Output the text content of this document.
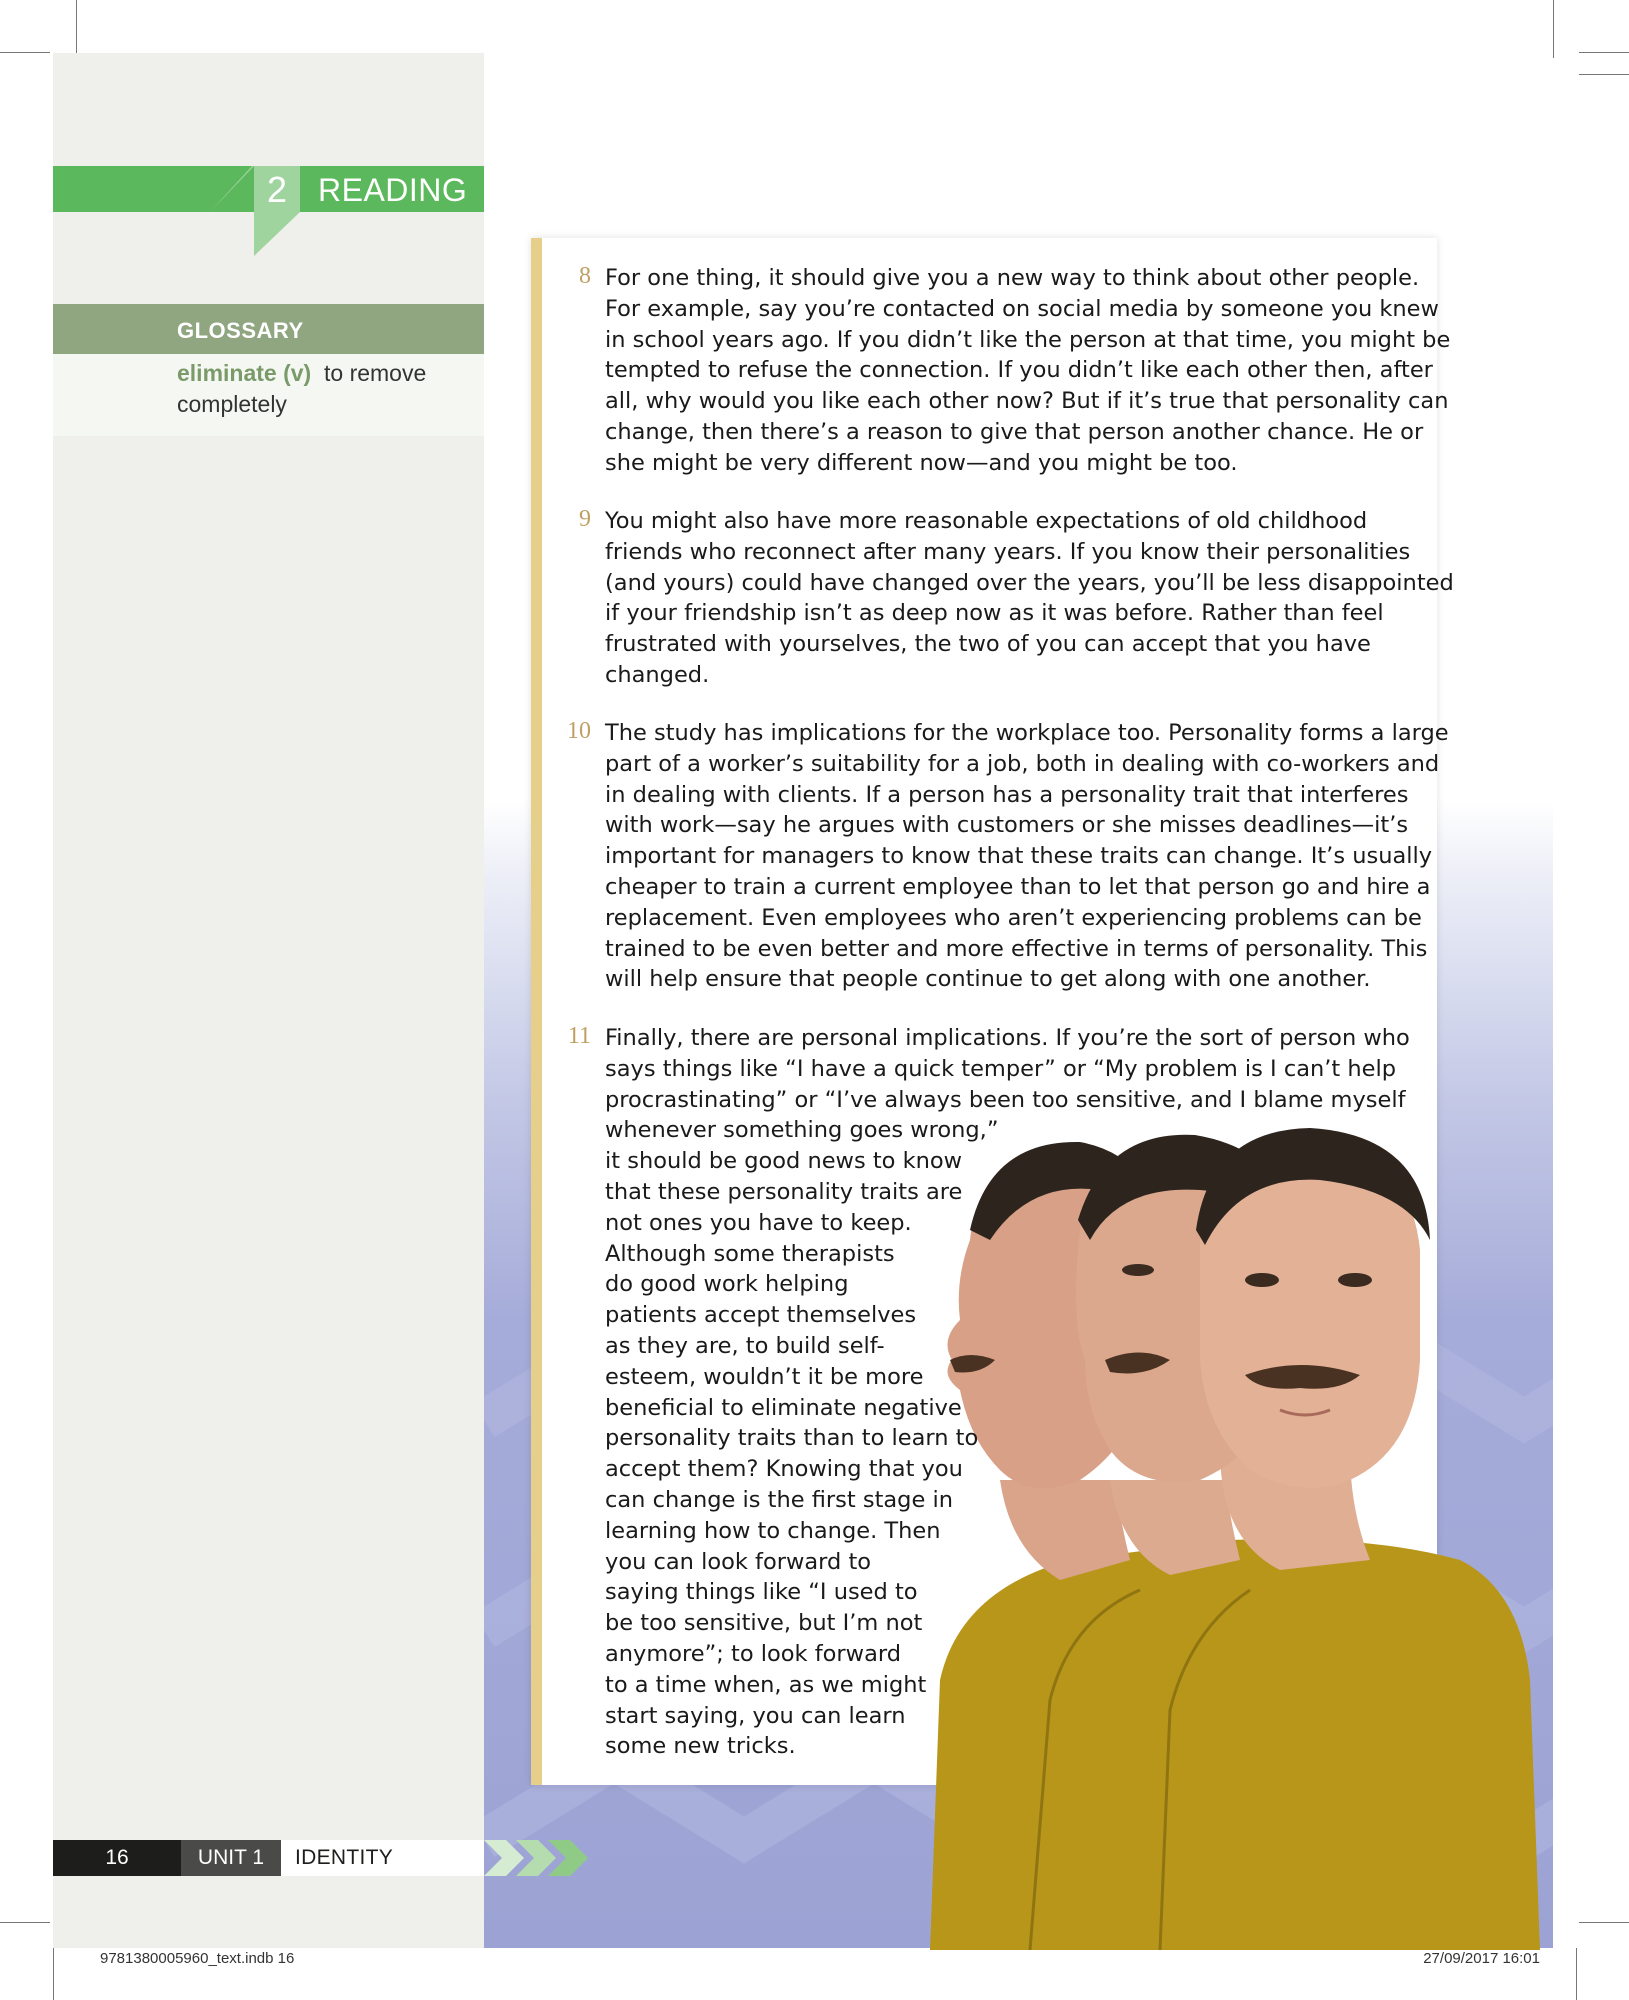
2 READING
GLOSSARY
eliminate (v) to remove
completely
8 For one thing, it should give you a new way to think about other people.
For example, say you’re contacted on social media by someone you knew
in school years ago. If you didn’t like the person at that time, you might be
tempted to refuse the connection. If you didn’t like each other then, after
all, why would you like each other now? But if it’s true that personality can
change, then there’s a reason to give that person another chance. He or
she might be very different now—and you might be too.
9 You might also have more reasonable expectations of old childhood
friends who reconnect after many years. If you know their personalities
(and yours) could have changed over the years, you’ll be less disappointed
if your friendship isn’t as deep now as it was before. Rather than feel
frustrated with yourselves, the two of you can accept that you have
changed.
10 The study has implications for the workplace too. Personality forms a large
part of a worker’s suitability for a job, both in dealing with co-workers and
in dealing with clients. If a person has a personality trait that interferes
with work—say he argues with customers or she misses deadlines—it’s
important for managers to know that these traits can change. It’s usually
cheaper to train a current employee than to let that person go and hire a
replacement. Even employees who aren’t experiencing problems can be
trained to be even better and more effective in terms of personality. This
will help ensure that people continue to get along with one another.
11 Finally, there are personal implications. If you’re the sort of person who
says things like “I have a quick temper” or “My problem is I can’t help
procrastinating” or “I’ve always been too sensitive, and I blame myself
whenever something goes wrong,”
it should be good news to know
that these personality traits are
not ones you have to keep.
Although some therapists
do good work helping
patients accept themselves
as they are, to build self-
esteem, wouldn’t it be more
beneficial to eliminate negative
personality traits than to learn to
accept them? Knowing that you
can change is the first stage in
learning how to change. Then
you can look forward to
saying things like “I used to
be too sensitive, but I’m not
anymore”; to look forward
to a time when, as we might
start saying, you can learn
some new tricks.
16	UNIT 1	IDENTITY
9781380005960_text.indb 16	27/09/2017 16:01
